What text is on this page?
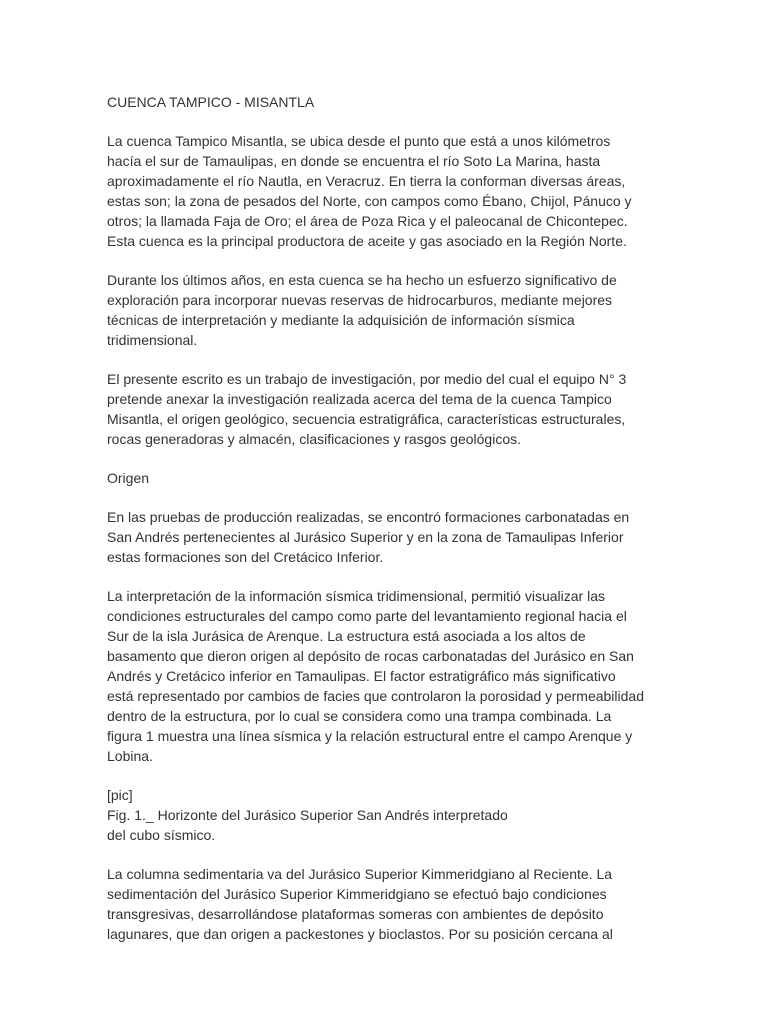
CUENCA TAMPICO - MISANTLA

La cuenca Tampico Misantla, se ubica desde el punto que está a unos kilómetros
hacía el sur de Tamaulipas, en donde se encuentra el río Soto La Marina, hasta
aproximadamente el río Nautla, en Veracruz. En tierra la conforman diversas áreas,
estas son; la zona de pesados del Norte, con campos como Ébano, Chijol, Pánuco y
otros; la llamada Faja de Oro; el área de Poza Rica y el paleocanal de Chicontepec.
Esta cuenca es la principal productora de aceite y gas asociado en la Región Norte.

Durante los últimos años, en esta cuenca se ha hecho un esfuerzo significativo de
exploración para incorporar nuevas reservas de hidrocarburos, mediante mejores
técnicas de interpretación y mediante la adquisición de información sísmica
tridimensional.

El presente escrito es un trabajo de investigación, por medio del cual el equipo N° 3
pretende anexar la investigación realizada acerca del tema de la cuenca Tampico
Misantla, el origen geológico, secuencia estratigráfica, características estructurales,
rocas generadoras y almacén, clasificaciones y rasgos geológicos.

Origen

En las pruebas de producción realizadas, se encontró formaciones carbonatadas en
San Andrés pertenecientes al Jurásico Superior y en la zona de Tamaulipas Inferior
estas formaciones son del Cretácico Inferior.

La interpretación de la información sísmica tridimensional, permitió visualizar las
condiciones estructurales del campo como parte del levantamiento regional hacia el
Sur de la isla Jurásica de Arenque. La estructura está asociada a los altos de
basamento que dieron origen al depósito de rocas carbonatadas del Jurásico en San
Andrés y Cretácico inferior en Tamaulipas. El factor estratigráfico más significativo
está representado por cambios de facies que controlaron la porosidad y permeabilidad
dentro de la estructura, por lo cual se considera como una trampa combinada. La
figura 1 muestra una línea sísmica y la relación estructural entre el campo Arenque y
Lobina.

[pic]
Fig. 1._ Horizonte del Jurásico Superior San Andrés interpretado
del cubo sísmico.

La columna sedimentaria va del Jurásico Superior Kimmeridgiano al Reciente. La
sedimentación del Jurásico Superior Kimmeridgiano se efectuó bajo condiciones
transgresivas, desarrollándose plataformas someras con ambientes de depósito
lagunares, que dan origen a packestones y bioclastos. Por su posición cercana al
